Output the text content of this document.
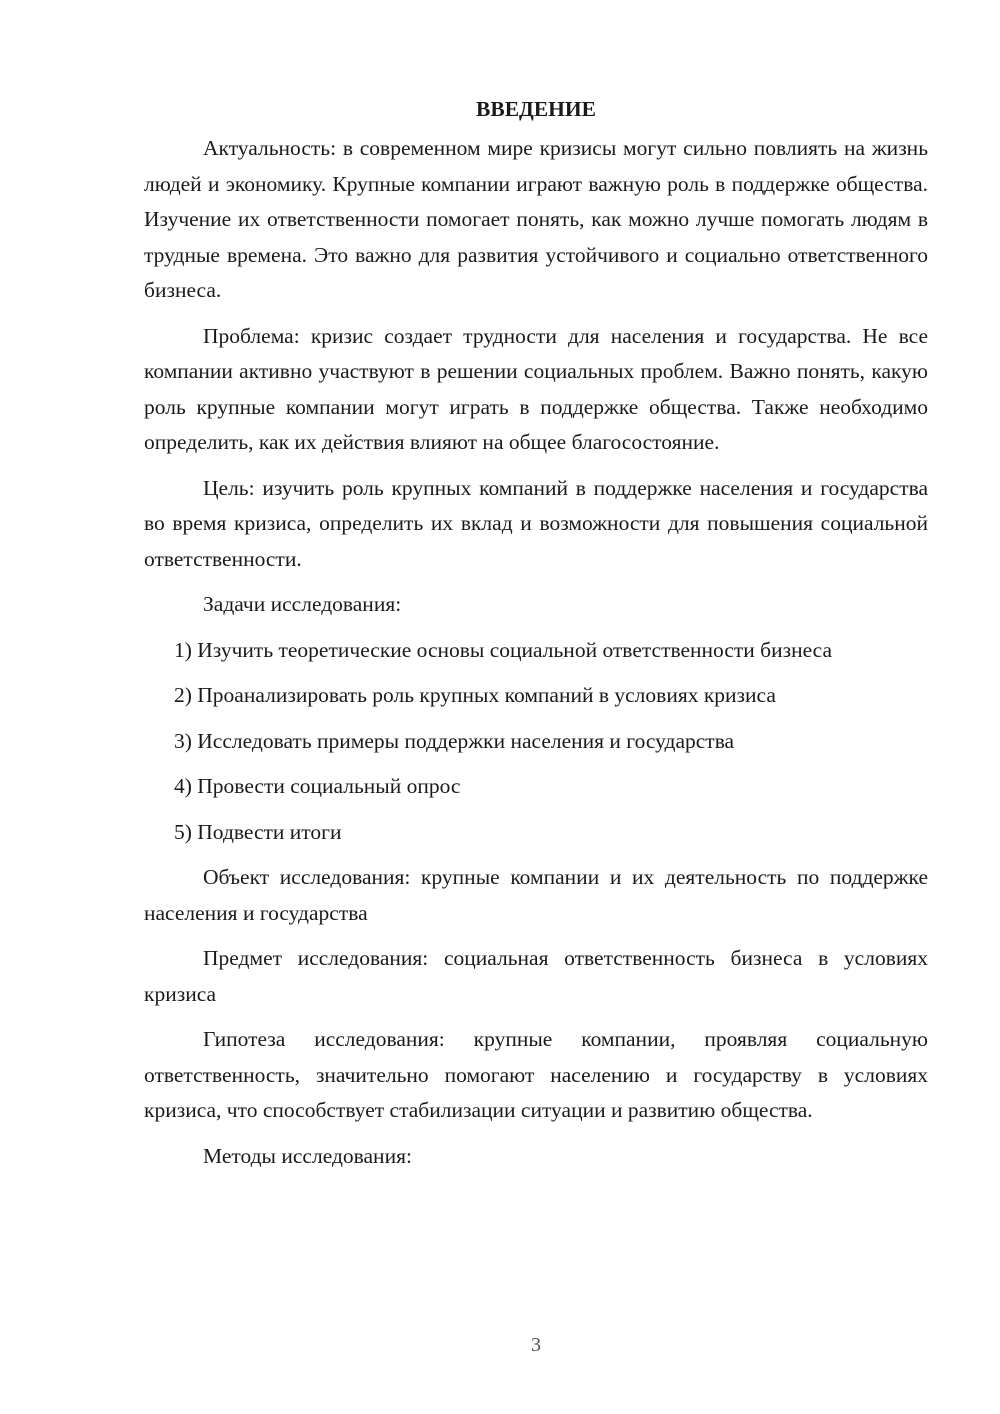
ВВЕДЕНИЕ

Актуальность: в современном мире кризисы могут сильно повлиять на жизнь людей и экономику. Крупные компании играют важную роль в поддержке общества. Изучение их ответственности помогает понять, как можно лучше помогать людям в трудные времена. Это важно для развития устойчивого и социально ответственного бизнеса.

Проблема: кризис создает трудности для населения и государства. Не все компании активно участвуют в решении социальных проблем. Важно понять, какую роль крупные компании могут играть в поддержке общества. Также необходимо определить, как их действия влияют на общее благосостояние.

Цель: изучить роль крупных компаний в поддержке населения и государства во время кризиса, определить их вклад и возможности для повышения социальной ответственности.

Задачи исследования:

1) Изучить теоретические основы социальной ответственности бизнеса

2) Проанализировать роль крупных компаний в условиях кризиса

3) Исследовать примеры поддержки населения и государства

4) Провести социальный опрос

5) Подвести итоги

Объект исследования: крупные компании и их деятельность по поддержке населения и государства

Предмет исследования: социальная ответственность бизнеса в условиях кризиса

Гипотеза исследования: крупные компании, проявляя социальную ответственность, значительно помогают населению и государству в условиях кризиса, что способствует стабилизации ситуации и развитию общества.

Методы исследования:

3
